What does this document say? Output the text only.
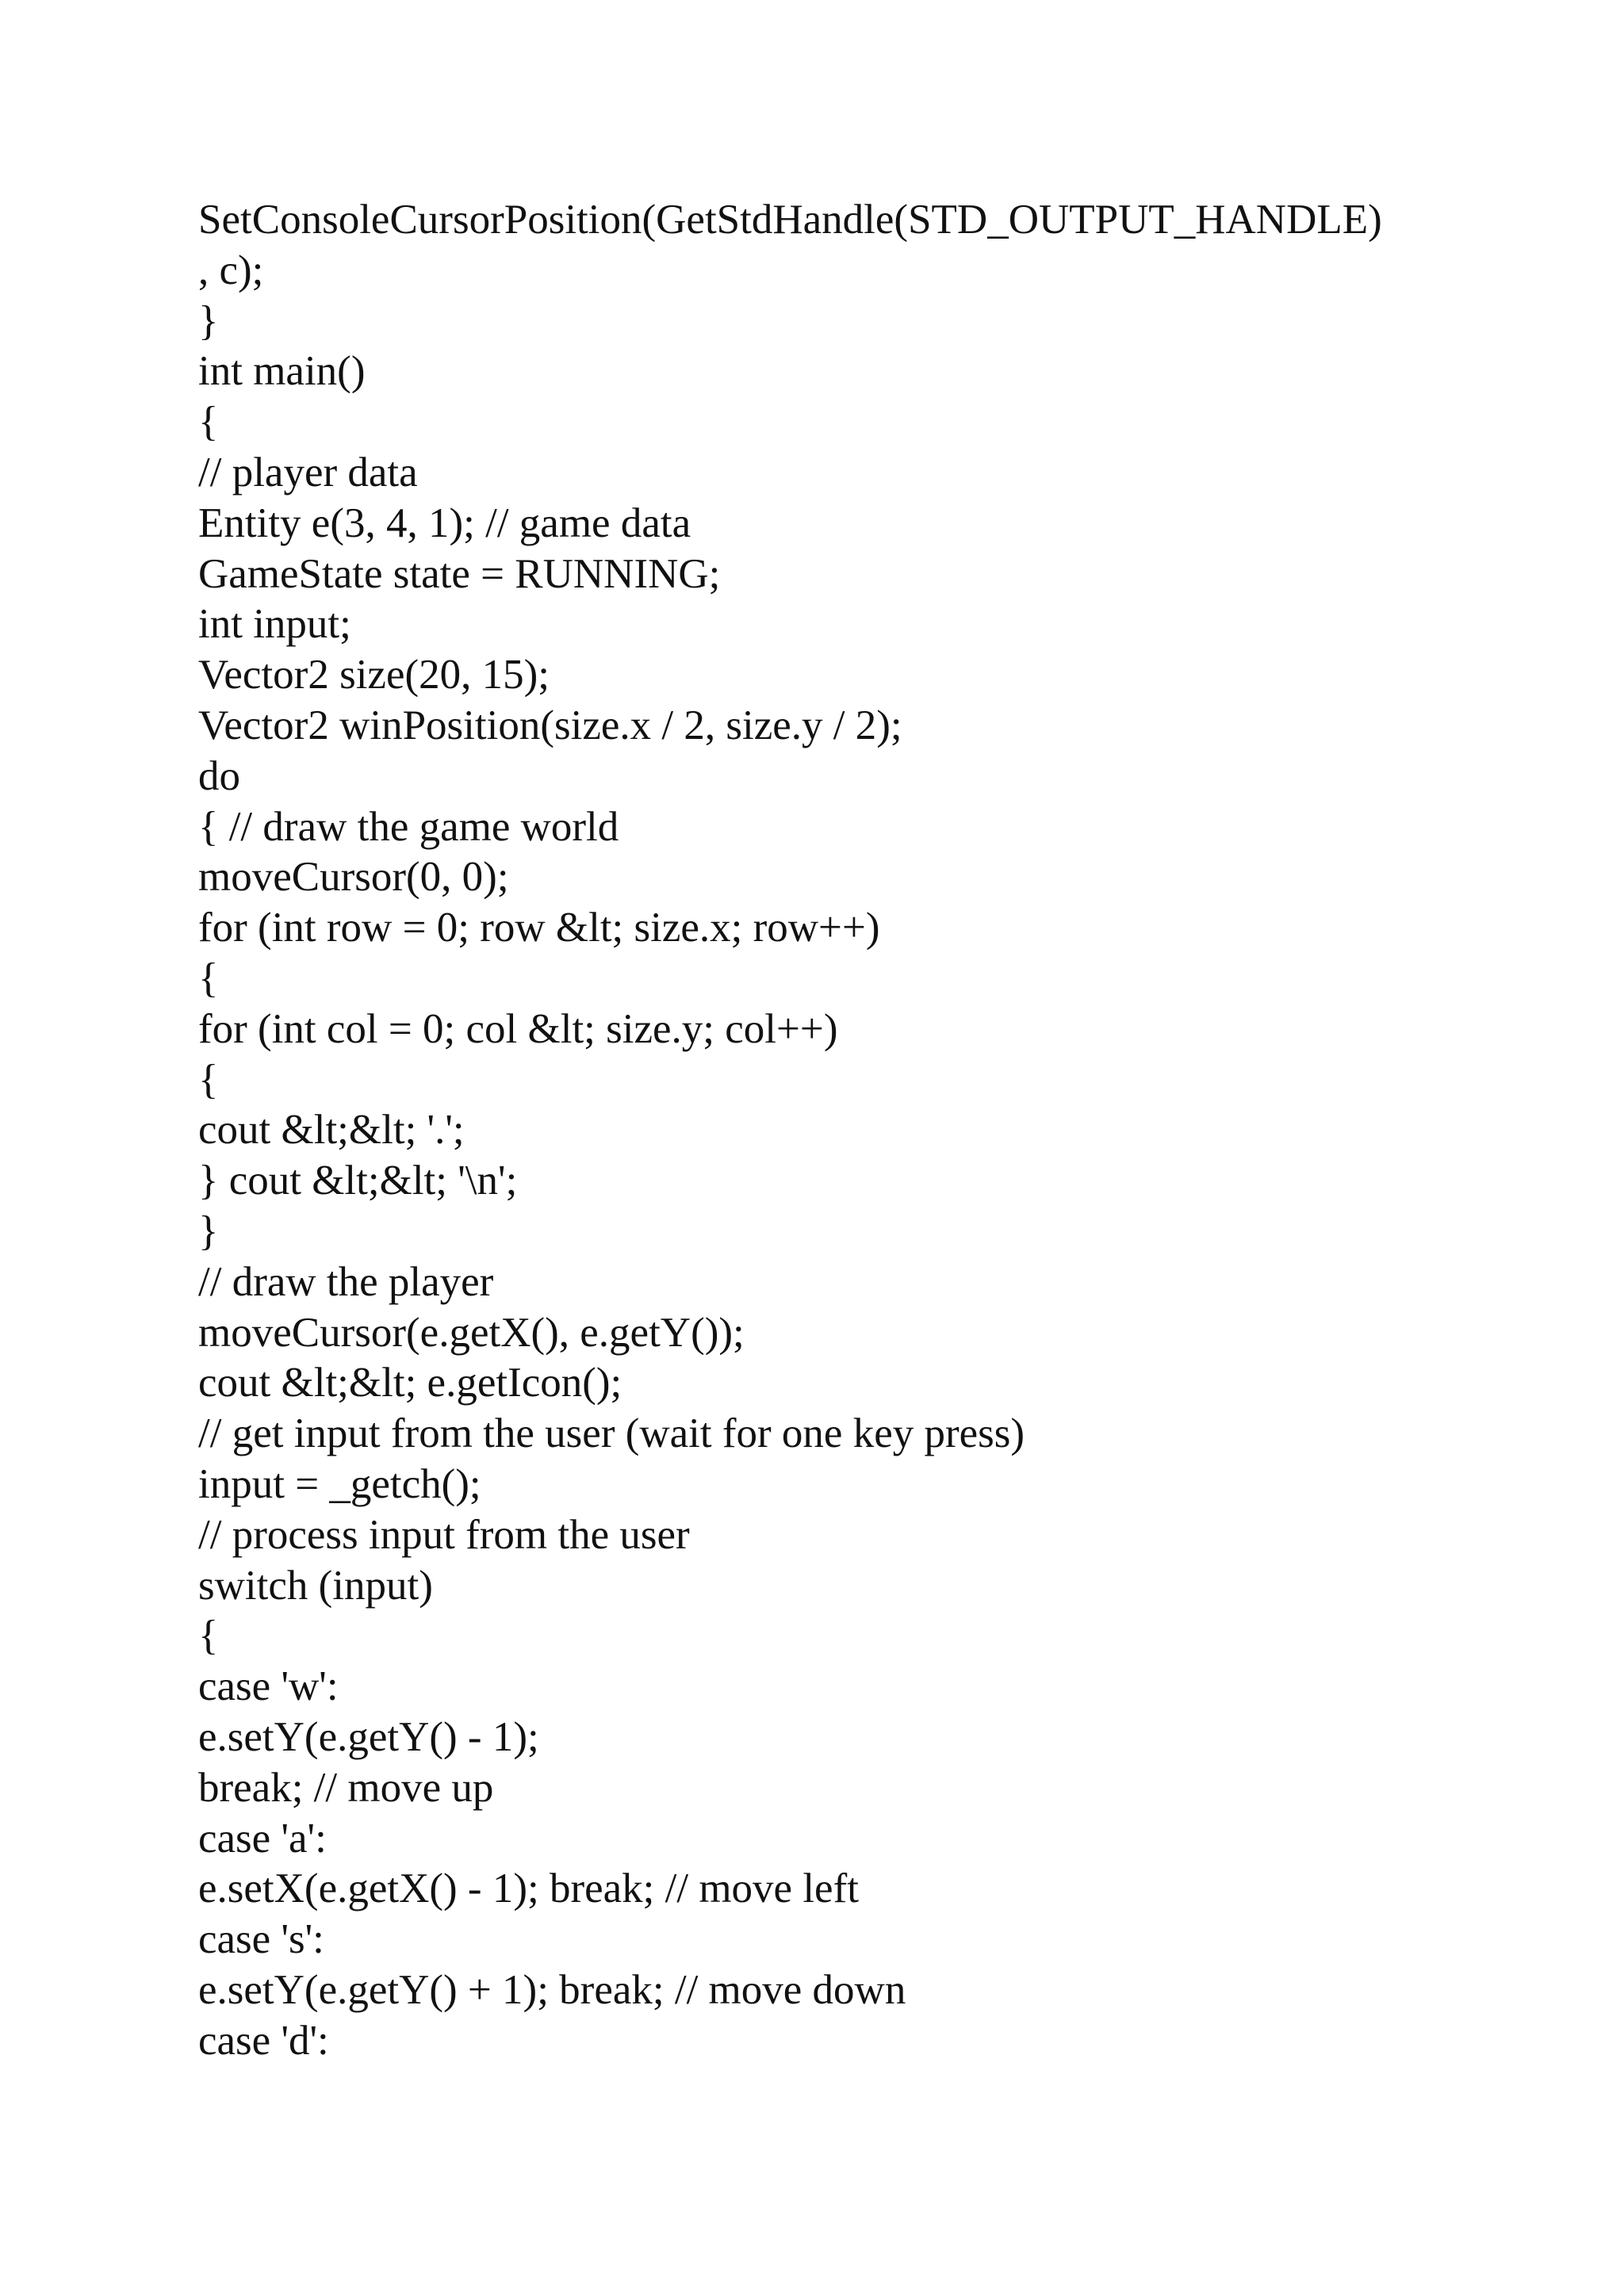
SetConsoleCursorPosition(GetStdHandle(STD_OUTPUT_HANDLE)
, c);
}
int main()
{
// player data
Entity e(3, 4, 1); // game data
GameState state = RUNNING;
int input;
Vector2 size(20, 15);
Vector2 winPosition(size.x / 2, size.y / 2);
do
{ // draw the game world
moveCursor(0, 0);
for (int row = 0; row &lt; size.x; row++)
{
for (int col = 0; col &lt; size.y; col++)
{
cout &lt;&lt; '.';
} cout &lt;&lt; '\n';
}
// draw the player
moveCursor(e.getX(), e.getY());
cout &lt;&lt; e.getIcon();
// get input from the user (wait for one key press)
input = _getch();
// process input from the user
switch (input)
{
case 'w':
e.setY(e.getY() - 1);
break; // move up
case 'a':
e.setX(e.getX() - 1); break; // move left
case 's':
e.setY(e.getY() + 1); break; // move down
case 'd':
